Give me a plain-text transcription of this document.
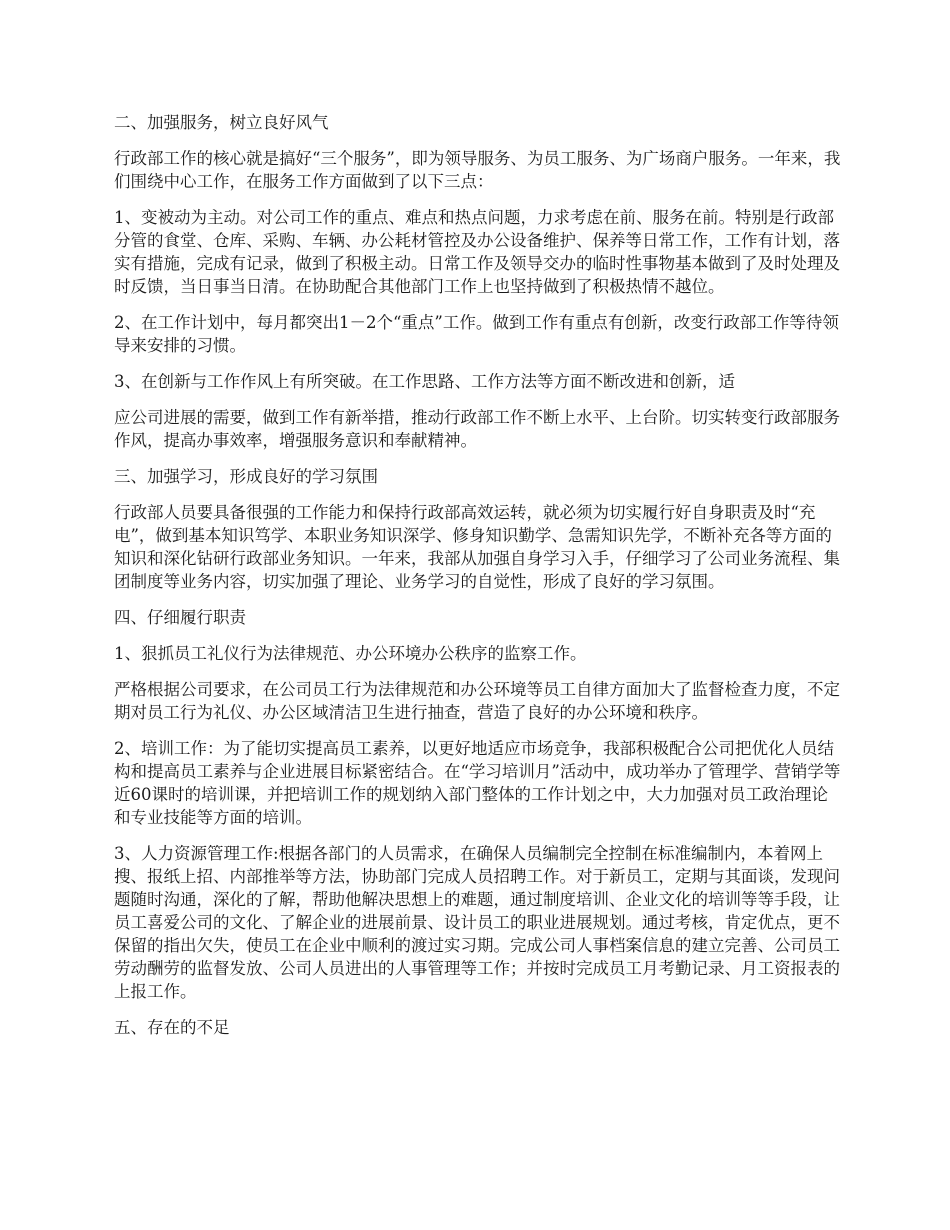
二、加强服务，树立良好风气

行政部工作的核心就是搞好“三个服务”，即为领导服务、为员工服务、为广场商户服务。一年来，我们围绕中心工作，在服务工作方面做到了以下三点：

1、变被动为主动。对公司工作的重点、难点和热点问题，力求考虑在前、服务在前。特别是行政部分管的食堂、仓库、采购、车辆、办公耗材管控及办公设备维护、保养等日常工作，工作有计划，落实有措施，完成有记录，做到了积极主动。日常工作及领导交办的临时性事物基本做到了及时处理及时反馈，当日事当日清。在协助配合其他部门工作上也坚持做到了积极热情不越位。

2、在工作计划中，每月都突出1－2个“重点”工作。做到工作有重点有创新，改变行政部工作等待领导来安排的习惯。

3、在创新与工作作风上有所突破。在工作思路、工作方法等方面不断改进和创新，适

应公司进展的需要，做到工作有新举措，推动行政部工作不断上水平、上台阶。切实转变行政部服务作风，提高办事效率，增强服务意识和奉献精神。

三、加强学习，形成良好的学习氛围

行政部人员要具备很强的工作能力和保持行政部高效运转，就必须为切实履行好自身职责及时“充电”，做到基本知识笃学、本职业务知识深学、修身知识勤学、急需知识先学，不断补充各等方面的知识和深化钻研行政部业务知识。一年来，我部从加强自身学习入手，仔细学习了公司业务流程、集团制度等业务内容，切实加强了理论、业务学习的自觉性，形成了良好的学习氛围。

四、仔细履行职责

1、狠抓员工礼仪行为法律规范、办公环境办公秩序的监察工作。

严格根据公司要求，在公司员工行为法律规范和办公环境等员工自律方面加大了监督检查力度，不定期对员工行为礼仪、办公区域清洁卫生进行抽查，营造了良好的办公环境和秩序。

2、培训工作：为了能切实提高员工素养，以更好地适应市场竞争，我部积极配合公司把优化人员结构和提高员工素养与企业进展目标紧密结合。在“学习培训月”活动中，成功举办了管理学、营销学等近60课时的培训课，并把培训工作的规划纳入部门整体的工作计划之中，大力加强对员工政治理论和专业技能等方面的培训。

3、人力资源管理工作:根据各部门的人员需求，在确保人员编制完全控制在标准编制内，本着网上搜、报纸上招、内部推举等方法，协助部门完成人员招聘工作。对于新员工，定期与其面谈，发现问题随时沟通，深化的了解，帮助他解决思想上的难题，通过制度培训、企业文化的培训等等手段，让员工喜爱公司的文化、了解企业的进展前景、设计员工的职业进展规划。通过考核，肯定优点，更不保留的指出欠失，使员工在企业中顺利的渡过实习期。完成公司人事档案信息的建立完善、公司员工劳动酬劳的监督发放、公司人员进出的人事管理等工作；并按时完成员工月考勤记录、月工资报表的上报工作。

五、存在的不足
